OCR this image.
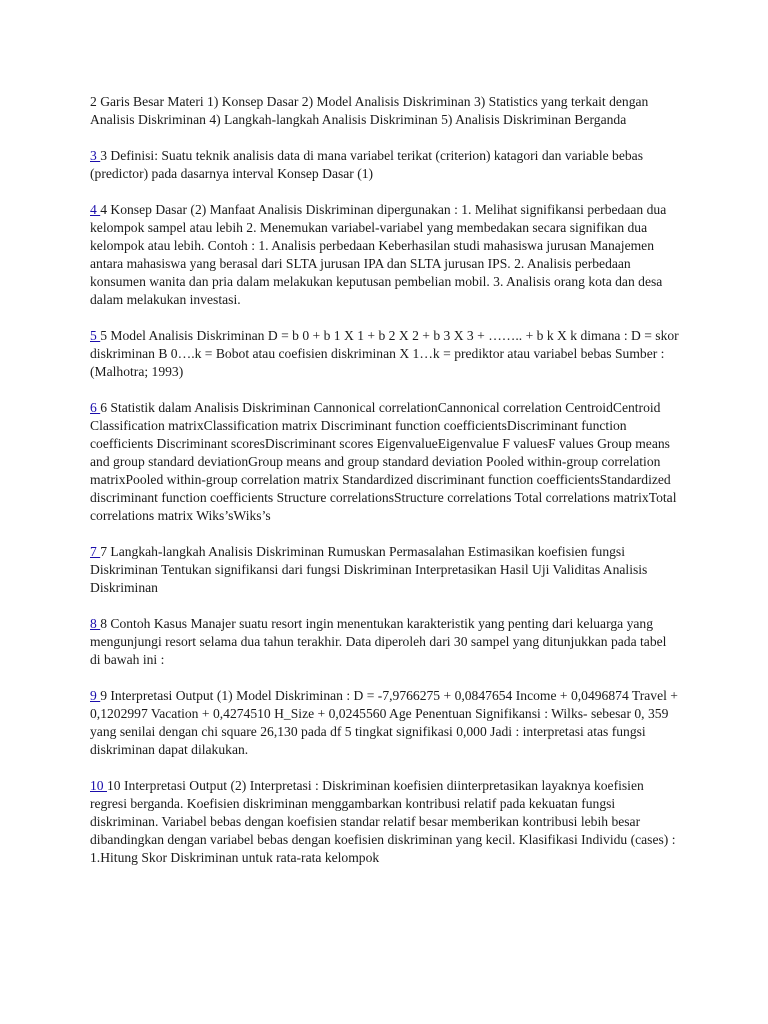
2 Garis Besar Materi 1) Konsep Dasar 2) Model Analisis Diskriminan 3) Statistics yang terkait dengan Analisis Diskriminan 4) Langkah-langkah Analisis Diskriminan 5) Analisis Diskriminan Berganda

3 3 Definisi: Suatu teknik analisis data di mana variabel terikat (criterion) katagori dan variable bebas (predictor) pada dasarnya interval Konsep Dasar (1)

4 4 Konsep Dasar (2) Manfaat Analisis Diskriminan dipergunakan : 1. Melihat signifikansi perbedaan dua kelompok sampel atau lebih 2. Menemukan variabel-variabel yang membedakan secara signifikan dua kelompok atau lebih. Contoh : 1. Analisis perbedaan Keberhasilan studi mahasiswa jurusan Manajemen antara mahasiswa yang berasal dari SLTA jurusan IPA dan SLTA jurusan IPS. 2. Analisis perbedaan konsumen wanita dan pria dalam melakukan keputusan pembelian mobil. 3. Analisis orang kota dan desa dalam melakukan investasi.

5 5 Model Analisis Diskriminan D = b 0 + b 1 X 1 + b 2 X 2 + b 3 X 3 + …….. + b k X k dimana : D = skor diskriminan B 0….k = Bobot atau coefisien diskriminan X 1…k = prediktor atau variabel bebas Sumber : (Malhotra; 1993)

6 6 Statistik dalam Analisis Diskriminan Cannonical correlationCannonical correlation CentroidCentroid Classification matrixClassification matrix Discriminant function coefficientsDiscriminant function coefficients Discriminant scoresDiscriminant scores EigenvalueEigenvalue F valuesF values Group means and group standard deviationGroup means and group standard deviation Pooled within-group correlation matrixPooled within-group correlation matrix Standardized discriminant function coefficientsStandardized discriminant function coefficients Structure correlationsStructure correlations Total correlations matrixTotal correlations matrix Wiks’sWiks’s

7 7 Langkah-langkah Analisis Diskriminan Rumuskan Permasalahan Estimasikan koefisien fungsi Diskriminan Tentukan signifikansi dari fungsi Diskriminan Interpretasikan Hasil Uji Validitas Analisis Diskriminan

8 8 Contoh Kasus Manajer suatu resort ingin menentukan karakteristik yang penting dari keluarga yang mengunjungi resort selama dua tahun terakhir. Data diperoleh dari 30 sampel yang ditunjukkan pada tabel di bawah ini :

9 9 Interpretasi Output (1) Model Diskriminan : D = -7,9766275 + 0,0847654 Income + 0,0496874 Travel + 0,1202997 Vacation + 0,4274510 H_Size + 0,0245560 Age Penentuan Signifikansi : Wilks- sebesar 0, 359 yang senilai dengan chi square 26,130 pada df 5 tingkat signifikasi 0,000 Jadi : interpretasi atas fungsi diskriminan dapat dilakukan.

10 10 Interpretasi Output (2) Interpretasi : Diskriminan koefisien diinterpretasikan layaknya koefisien regresi berganda. Koefisien diskriminan menggambarkan kontribusi relatif pada kekuatan fungsi diskriminan. Variabel bebas dengan koefisien standar relatif besar memberikan kontribusi lebih besar dibandingkan dengan variabel bebas dengan koefisien diskriminan yang kecil. Klasifikasi Individu (cases) : 1.Hitung Skor Diskriminan untuk rata-rata kelompok
